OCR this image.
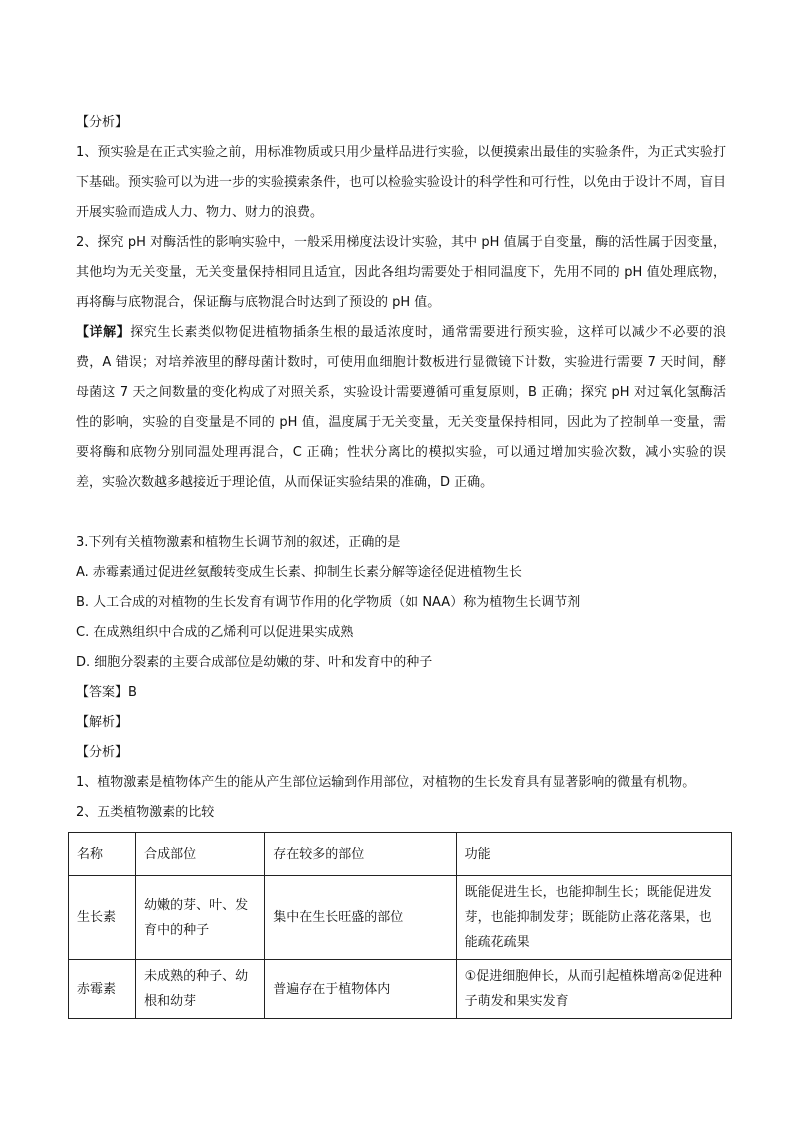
【分析】

1、预实验是在正式实验之前，用标准物质或只用少量样品进行实验，以便摸索出最佳的实验条件，为正式实验打下基础。预实验可以为进一步的实验摸索条件，也可以检验实验设计的科学性和可行性，以免由于设计不周，盲目开展实验而造成人力、物力、财力的浪费。

2、探究 pH 对酶活性的影响实验中，一般采用梯度法设计实验，其中 pH 值属于自变量，酶的活性属于因变量，其他均为无关变量，无关变量保持相同且适宜，因此各组均需要处于相同温度下，先用不同的 pH 值处理底物，再将酶与底物混合，保证酶与底物混合时达到了预设的 pH 值。

【详解】探究生长素类似物促进植物插条生根的最适浓度时，通常需要进行预实验，这样可以减少不必要的浪费，A 错误；对培养液里的酵母菌计数时，可使用血细胞计数板进行显微镜下计数，实验进行需要 7 天时间，酵母菌这 7 天之间数量的变化构成了对照关系，实验设计需要遵循可重复原则，B 正确；探究 pH 对过氧化氢酶活性的影响，实验的自变量是不同的 pH 值，温度属于无关变量，无关变量保持相同，因此为了控制单一变量，需要将酶和底物分别同温处理再混合，C 正确；性状分离比的模拟实验，可以通过增加实验次数，减小实验的误差，实验次数越多越接近于理论值，从而保证实验结果的准确，D 正确。

3.下列有关植物激素和植物生长调节剂的叙述，正确的是

A. 赤霉素通过促进丝氨酸转变成生长素、抑制生长素分解等途径促进植物生长

B. 人工合成的对植物的生长发育有调节作用的化学物质（如 NAA）称为植物生长调节剂

C. 在成熟组织中合成的乙烯利可以促进果实成熟

D. 细胞分裂素的主要合成部位是幼嫩的芽、叶和发育中的种子

【答案】B

【解析】

【分析】

1、植物激素是植物体产生的能从产生部位运输到作用部位，对植物的生长发育具有显著影响的微量有机物。

2、五类植物激素的比较

名称	合成部位	存在较多的部位	功能
生长素	幼嫩的芽、叶、发育中的种子	集中在生长旺盛的部位	既能促进生长，也能抑制生长；既能促进发芽，也能抑制发芽；既能防止落花落果，也能疏花疏果
赤霉素	未成熟的种子、幼根和幼芽	普遍存在于植物体内	①促进细胞伸长，从而引起植株增高②促进种子萌发和果实发育
